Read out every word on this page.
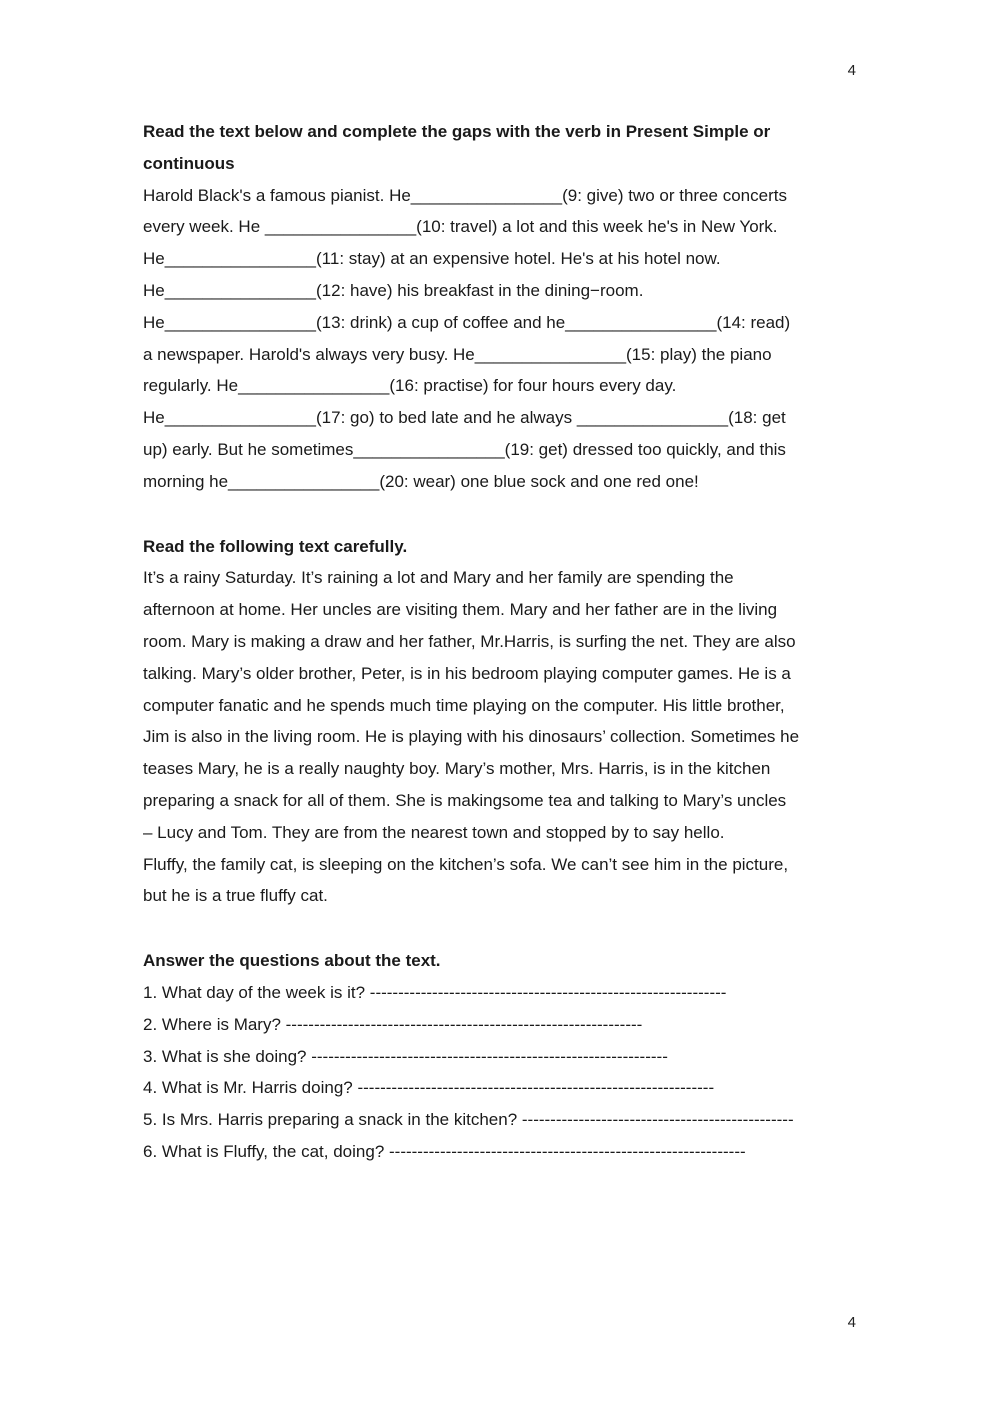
4
Read the text below and complete the gaps with the verb in Present Simple or
continuous
Harold Black's a famous pianist. He________________(9: give) two or three concerts
every week. He ________________(10: travel) a lot and this week he's in New York.
He________________(11: stay) at an expensive hotel. He's at his hotel now.
He________________(12: have) his breakfast in the dining−room.
He________________(13: drink) a cup of coffee and he________________(14: read)
a newspaper. Harold's always very busy. He________________(15: play) the piano
regularly. He________________(16: practise) for four hours every day.
He________________(17: go) to bed late and he always ________________(18: get
up) early. But he sometimes________________(19: get) dressed too quickly, and this
morning he________________(20: wear) one blue sock and one red one!
Read the following text carefully.
It’s a rainy Saturday. It’s raining a lot and Mary and her family are spending the
afternoon at home. Her uncles are visiting them. Mary and her father are in the living
room. Mary is making a draw and her father, Mr.Harris, is surfing the net. They are also
talking. Mary’s older brother, Peter, is in his bedroom playing computer games. He is a
computer fanatic and he spends much time playing on the computer. His little brother,
Jim is also in the living room. He is playing with his dinosaurs’ collection. Sometimes he
teases Mary, he is a really naughty boy. Mary’s mother, Mrs. Harris, is in the kitchen
preparing a snack for all of them. She is makingsome tea and talking to Mary’s uncles
– Lucy and Tom. They are from the nearest town and stopped by to say hello.
Fluffy, the family cat, is sleeping on the kitchen’s sofa. We can’t see him in the picture,
but he is a true fluffy cat.
Answer the questions about the text.
1. What day of the week is it? ---------------------------------------------------------------
2. Where is Mary? ---------------------------------------------------------------
3. What is she doing? ---------------------------------------------------------------
4. What is Mr. Harris doing? ---------------------------------------------------------------
5. Is Mrs. Harris preparing a snack in the kitchen? ------------------------------------------------
6. What is Fluffy, the cat, doing? ---------------------------------------------------------------
4
